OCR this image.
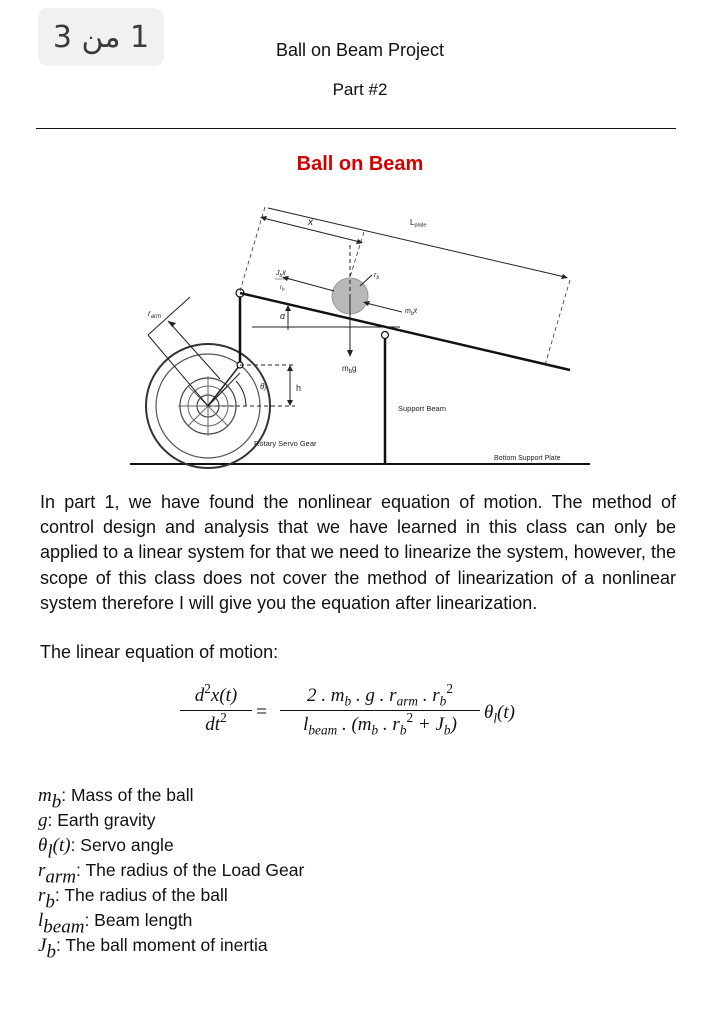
1 من 3	Ball on Beam Project
Part #2
Ball on Beam
$r_{arm}$
$\theta_l$	h
Support Beam
α
$m_bg$
$r_b$
$J_bẍ$
$r_b$
$m_bẍ$
x	Lplate
Rotary Servo Gear
Bottom Support Plate

In part 1, we have found the nonlinear equation of motion. The method of control design and analysis that we have learned in this class can only be applied to a linear system for that we need to linearize the system, however, the scope of this class does not cover the method of linearization of a nonlinear system therefore I will give you the equation after linearization.

The linear equation of motion:
$d^2x(t)$
$dt^2$	=
2 . $m_b$ . g . $r_{arm}$ . $r_b^2$
$l_{beam}$ . ($m_b$ . $r_b^2 + J_b$)
$\theta_l(t)$
$m_b$: Mass of the ball
g: Earth gravity
$\theta_l(t)$: Servo angle
$r_{arm}$: The radius of the Load Gear
$r_b$: The radius of the ball
$l_{beam}$: Beam length
$J_b$: The ball moment of inertia
